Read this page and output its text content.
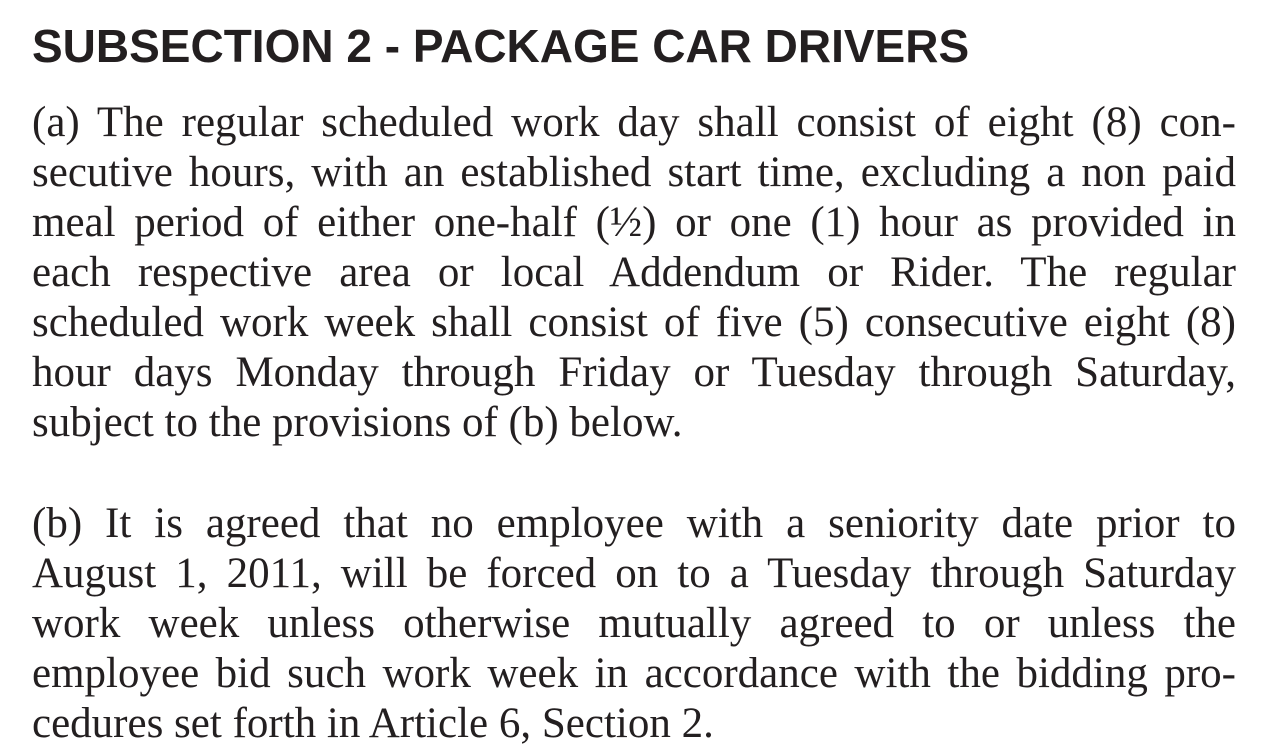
SUBSECTION 2 - PACKAGE CAR DRIVERS
(a) The regular scheduled work day shall consist of eight (8) con-
secutive hours, with an established start time, excluding a non paid
meal period of either one-half (½) or one (1) hour as provided in
each respective area or local Addendum or Rider. The regular
scheduled work week shall consist of five (5) consecutive eight (8)
hour days Monday through Friday or Tuesday through Saturday,
subject to the provisions of (b) below.
(b) It is agreed that no employee with a seniority date prior to
August 1, 2011, will be forced on to a Tuesday through Saturday
work week unless otherwise mutually agreed to or unless the
employee bid such work week in accordance with the bidding pro-
cedures set forth in Article 6, Section 2.
